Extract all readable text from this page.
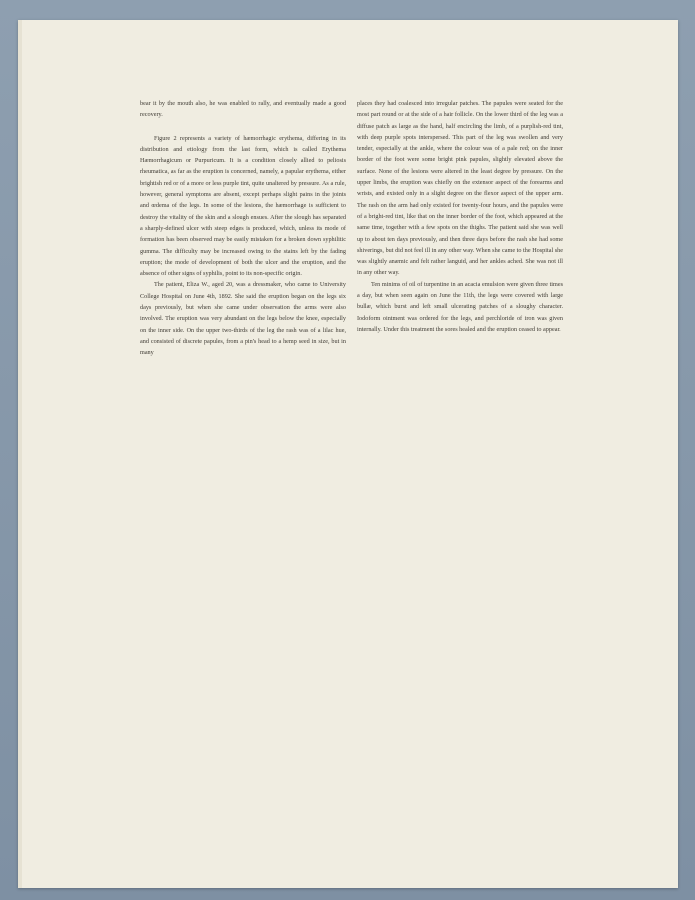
bear it by the mouth also, he was enabled to rally, and eventually made a good recovery.

Figure 2 represents a variety of hæmorrhagic erythema, differing in its distribution and etiology from the last form, which is called Erythema Hæmorrhagicum or Purpuricum. It is a condition closely allied to peliosis rheumatica, as far as the eruption is concerned, namely, a papular erythema, either brightish red or of a more or less purple tint, quite unaltered by pressure. As a rule, however, general symptoms are absent, except perhaps slight pains in the joints and œdema of the legs. In some of the lesions, the hæmorrhage is sufficient to destroy the vitality of the skin and a slough ensues. After the slough has separated a sharply-defined ulcer with steep edges is produced, which, unless its mode of formation has been observed may be easily mistaken for a broken down syphilitic gumma. The difficulty may be increased owing to the stains left by the fading eruption; the mode of development of both the ulcer and the eruption, and the absence of other signs of syphilis, point to its non-specific origin.

The patient, Eliza W., aged 20, was a dressmaker, who came to University College Hospital on June 4th, 1892. She said the eruption began on the legs six days previously, but when she came under observation the arms were also involved. The eruption was very abundant on the legs below the knee, especially on the inner side. On the upper two-thirds of the leg the rash was of a lilac hue, and consisted of discrete papules, from a pin's head to a hemp seed in size, but in many

places they had coalesced into irregular patches. The papules were seated for the most part round or at the side of a hair follicle. On the lower third of the leg was a diffuse patch as large as the hand, half encircling the limb, of a purplish-red tint, with deep purple spots interspersed. This part of the leg was swollen and very tender, especially at the ankle, where the colour was of a pale red; on the inner border of the foot were some bright pink papules, slightly elevated above the surface. None of the lesions were altered in the least degree by pressure. On the upper limbs, the eruption was chiefly on the extensor aspect of the forearms and wrists, and existed only in a slight degree on the flexor aspect of the upper arm. The rash on the arm had only existed for twenty-four hours, and the papules were of a bright-red tint, like that on the inner border of the foot, which appeared at the same time, together with a few spots on the thighs. The patient said she was well up to about ten days previously, and then three days before the rash she had some shiverings, but did not feel ill in any other way. When she came to the Hospital she was slightly anæmic and felt rather languid, and her ankles ached. She was not ill in any other way.

Ten minims of oil of turpentine in an acacia emulsion were given three times a day, but when seen again on June the 11th, the legs were covered with large bullæ, which burst and left small ulcerating patches of a sloughy character. Iodoform ointment was ordered for the legs, and perchloride of iron was given internally. Under this treatment the sores healed and the eruption ceased to appear.
